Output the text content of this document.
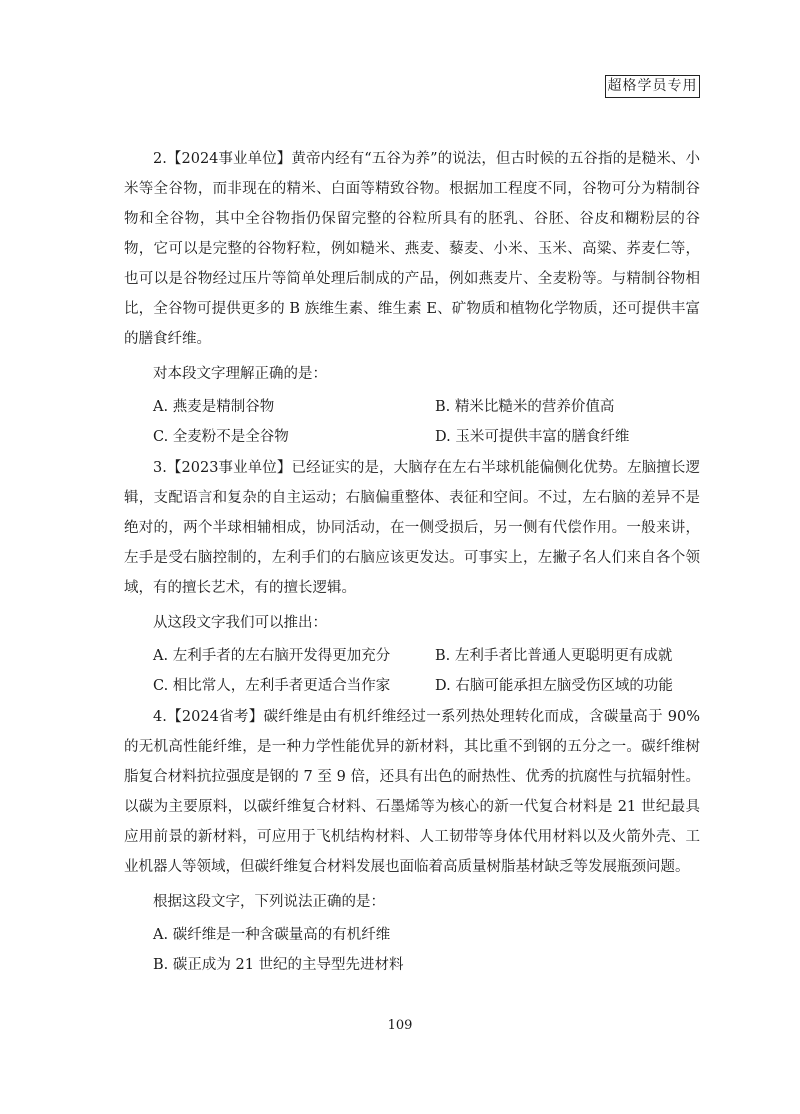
超格学员专用

2.【2024事业单位】黄帝内经有“五谷为养”的说法，但古时候的五谷指的是糙米、小米等全谷物，而非现在的精米、白面等精致谷物。根据加工程度不同，谷物可分为精制谷物和全谷物，其中全谷物指仍保留完整的谷粒所具有的胚乳、谷胚、谷皮和糊粉层的谷物，它可以是完整的谷物籽粒，例如糙米、燕麦、藜麦、小米、玉米、高粱、荞麦仁等，也可以是谷物经过压片等简单处理后制成的产品，例如燕麦片、全麦粉等。与精制谷物相比，全谷物可提供更多的 B 族维生素、维生素 E、矿物质和植物化学物质，还可提供丰富的膳食纤维。

对本段文字理解正确的是：

A. 燕麦是精制谷物	B. 精米比糙米的营养价值高
C. 全麦粉不是全谷物	D. 玉米可提供丰富的膳食纤维

3.【2023事业单位】已经证实的是，大脑存在左右半球机能偏侧化优势。左脑擅长逻辑，支配语言和复杂的自主运动；右脑偏重整体、表征和空间。不过，左右脑的差异不是绝对的，两个半球相辅相成，协同活动，在一侧受损后，另一侧有代偿作用。一般来讲，左手是受右脑控制的，左利手们的右脑应该更发达。可事实上，左撇子名人们来自各个领域，有的擅长艺术，有的擅长逻辑。

从这段文字我们可以推出：

A. 左利手者的左右脑开发得更加充分	B. 左利手者比普通人更聪明更有成就
C. 相比常人，左利手者更适合当作家	D. 右脑可能承担左脑受伤区域的功能

4.【2024省考】碳纤维是由有机纤维经过一系列热处理转化而成，含碳量高于 90% 的无机高性能纤维，是一种力学性能优异的新材料，其比重不到钢的五分之一。碳纤维树脂复合材料抗拉强度是钢的 7 至 9 倍，还具有出色的耐热性、优秀的抗腐性与抗辐射性。以碳为主要原料，以碳纤维复合材料、石墨烯等为核心的新一代复合材料是 21 世纪最具应用前景的新材料，可应用于飞机结构材料、人工韧带等身体代用材料以及火箭外壳、工业机器人等领域，但碳纤维复合材料发展也面临着高质量树脂基材缺乏等发展瓶颈问题。

根据这段文字，下列说法正确的是：

A. 碳纤维是一种含碳量高的有机纤维
B. 碳正成为 21 世纪的主导型先进材料
109
